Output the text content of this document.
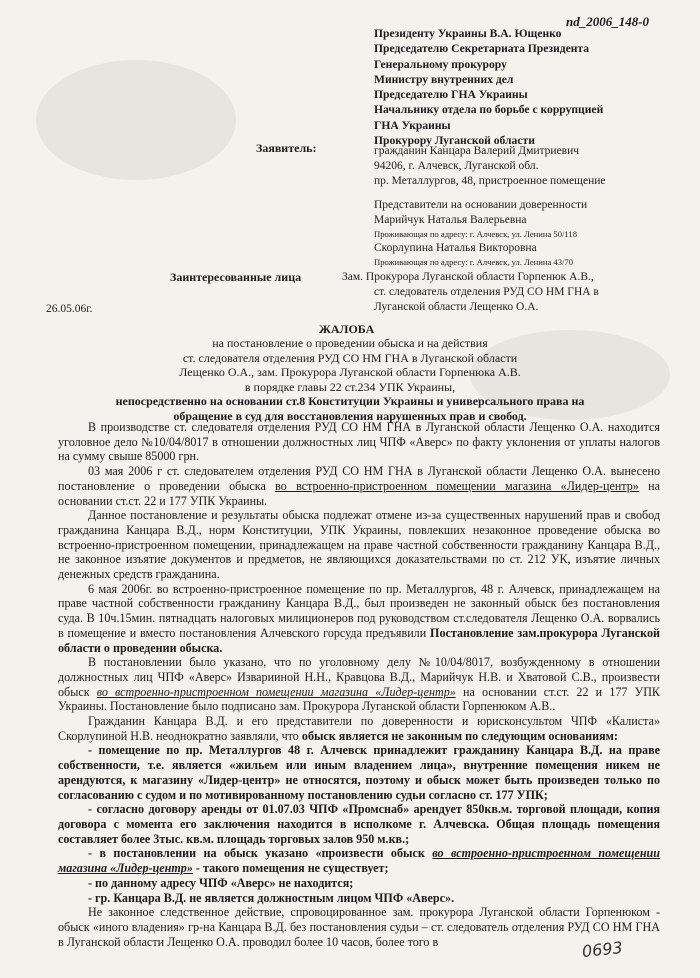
nd_2006_148-0
Президенту Украины В.А. Ющенко
Председателю Секретариата Президента
Генеральному прокурору
Министру внутренних дел
Председателю ГНА Украины
Начальнику отдела по борьбе с коррупцией
ГНА Украины
Прокурору Луганской области
Заявитель:	гражданин Канцара Валерий Дмитриевич
94206, г. Алчевск, Луганской обл.
пр. Металлургов, 48, пристроенное помещение
Представители на основании доверенности
Марийчук Наталья Валерьевна
Проживающая по адресу: г. Алчевск, ул. Ленина 50/118
Скорлупина Наталья Викторовна
Проживающая по адресу: г. Алчевск, ул. Ленина 43/70
Заинтересованные лица	Зам. Прокурора Луганской области Горпенюк А.В.,
ст. следователь отделения РУД СО НМ ГНА в
Луганской области Лещенко О.А.
26.05.06г.
ЖАЛОБА
на постановление о проведении обыска и на действия
ст. следователя отделения РУД СО НМ ГНА в Луганской области
Лещенко О.А., зам. Прокурора Луганской области Горпенюка А.В.
в порядке главы 22 ст.234 УПК Украины,
непосредственно на основании ст.8 Конституции Украины и универсального права на
обращение в суд для восстановления нарушенных прав и свобод.

В производстве ст. следователя отделения РУД СО НМ ГНА в Луганской области Лещенко О.А. находится уголовное дело №10/04/8017 в отношении должностных лиц ЧПФ «Аверс» по факту уклонения от уплаты налогов на сумму свыше 85000 грн.

03 мая 2006 г ст. следователем отделения РУД СО НМ ГНА в Луганской области Лещенко О.А. вынесено постановление о проведении обыска во встроенно-пристроенном помещении магазина «Лидер-центр» на основании ст.ст. 22 и 177 УПК Украины.

Данное постановление и результаты обыска подлежат отмене из-за существенных нарушений прав и свобод гражданина Канцара В.Д., норм Конституции, УПК Украины, повлекших незаконное проведение обыска во встроенно-пристроенном помещении, принадлежащем на праве частной собственности гражданину Канцара В.Д., не законное изъятие документов и предметов, не являющихся доказательствами по ст. 212 УК, изъятие личных денежных средств гражданина.

6 мая 2006г. во встроенно-пристроенное помещение по пр. Металлургов, 48 г. Алчевск, принадлежащем на праве частной собственности гражданину Канцара В.Д., был произведен не законный обыск без постановления суда. В 10ч.15мин. пятнадцать налоговых милиционеров под руководством ст.следователя Лещенко О.А. ворвались в помещение и вместо постановления Алчевского горсуда предъявили Постановление зам.прокурора Луганской области о проведении обыска.

В постановлении было указано, что по уголовному делу №10/04/8017, возбужденному в отношении должностных лиц ЧПФ «Аверс» Изварииной Н.Н., Кравцова В.Д., Марийчук Н.В. и Хватовой С.В., произвести обыск во встроенно-пристроенном помещении магазина «Лидер-центр» на основании ст.ст. 22 и 177 УПК Украины. Постановление было подписано зам. Прокурора Луганской области Горпенюком А.В..

Гражданин Канцара В.Д. и его представители по доверенности и юрисконсультом ЧПФ «Калиста» Скорлупиной Н.В. неоднократно заявляли, что обыск является не законным по следующим основаниям:

- помещение по пр. Металлургов 48 г. Алчевск принадлежит гражданину Канцара В.Д. на праве собственности, т.е. является «жильем или иным владением лица», внутренние помещения никем не арендуются, к магазину «Лидер-центр» не относятся, поэтому и обыск может быть произведен только по согласованию с судом и по мотивированному постановлению судьи согласно ст. 177 УПК;

- согласно договору аренды от 01.07.03 ЧПФ «Промснаб» арендует 850кв.м. торговой площади, копия договора с момента его заключения находится в исполкоме г. Алчевска. Общая площадь помещения составляет более 3тыс. кв.м. площадь торговых залов 950 м.кв.;

- в постановлении на обыск указано «произвести обыск во встроенно-пристроенном помещении магазина «Лидер-центр» - такого помещения не существует;

- по данному адресу ЧПФ «Аверс» не находится;

- гр. Канцара В.Д. не является должностным лицом ЧПФ «Аверс».

Не законное следственное действие, спровоцированное зам. прокурора Луганской области Горпенюком - обыск «иного владения» гр-на Канцара В.Д. без постановления судьи – ст. следователь отделения РУД СО НМ ГНА в Луганской области Лещенко О.А. проводил более 10 часов, более того в	0693
